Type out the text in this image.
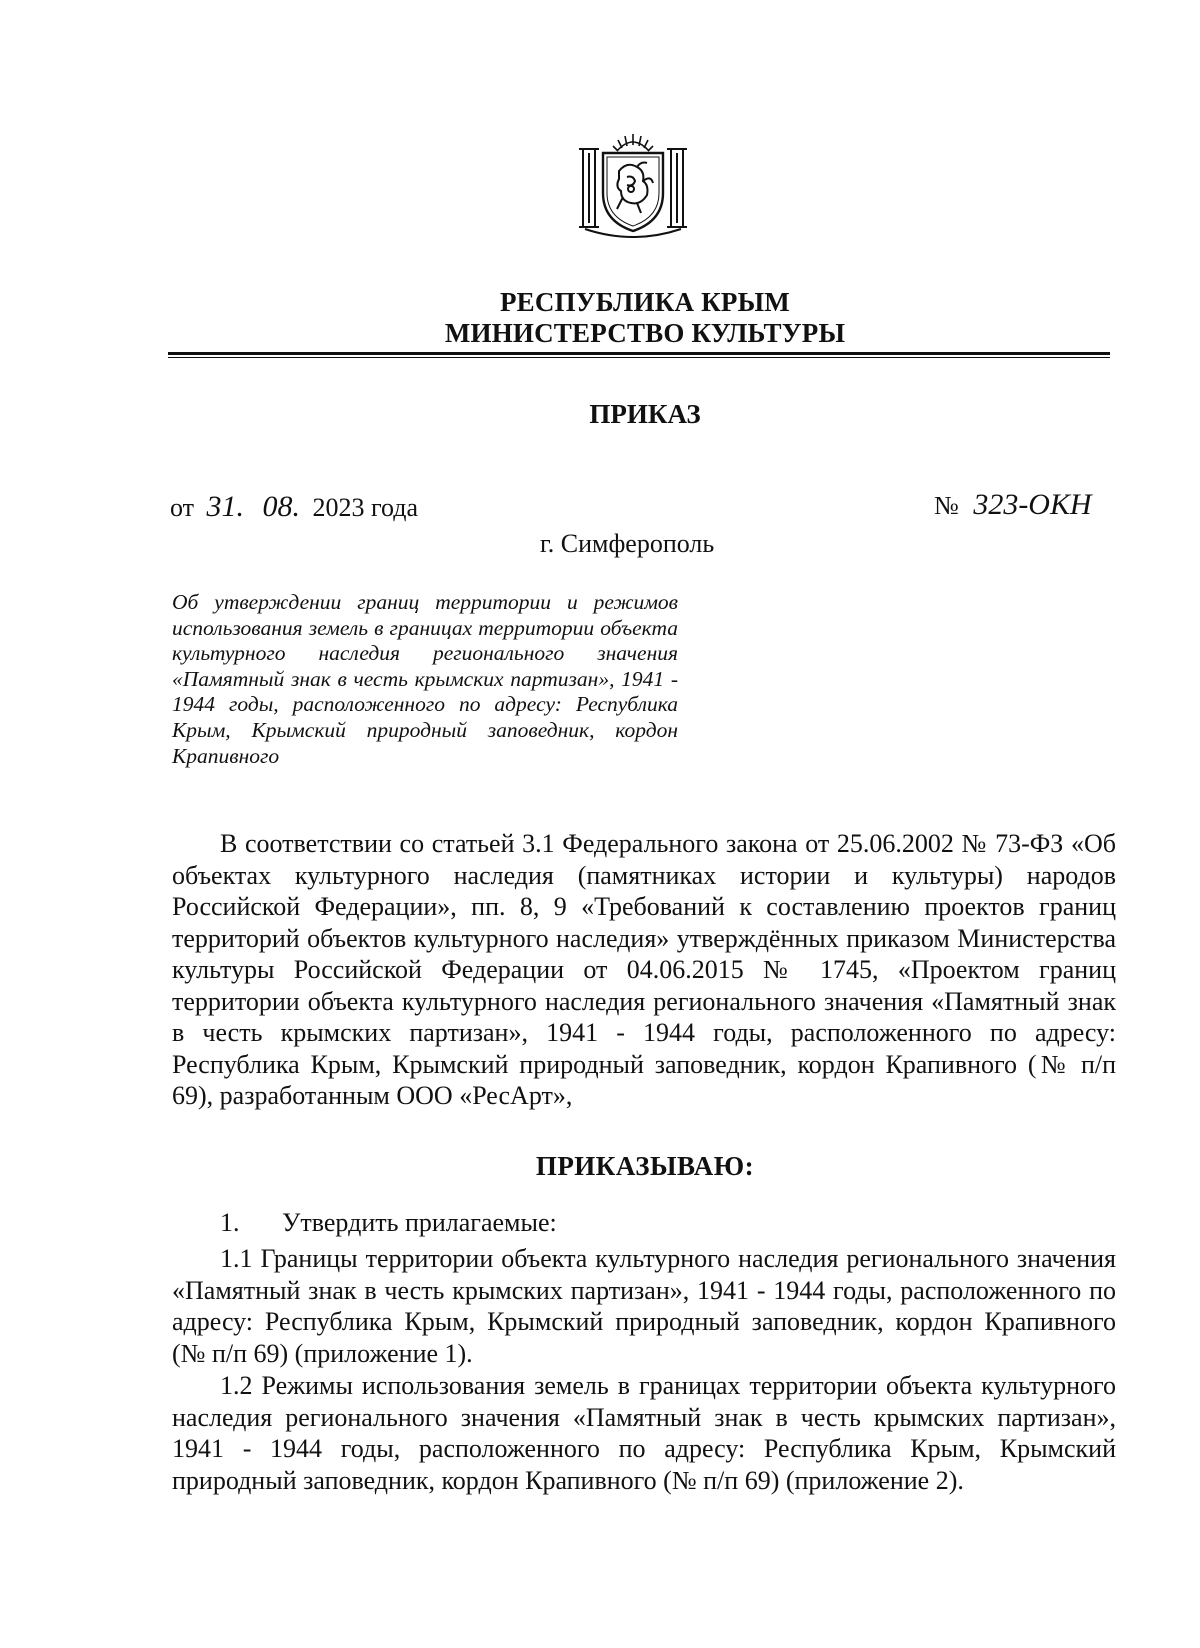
РЕСПУБЛИКА КРЫМ
МИНИСТЕРСТВО КУЛЬТУРЫ
ПРИКАЗ
от 31. 08. 2023 года	№ 323-ОКН
г. Симферополь
Об утверждении границ территории и режимов использования земель в границах территории объекта культурного наследия регионального значения «Памятный знак в честь крымских партизан», 1941 - 1944 годы, расположенного по адресу: Республика Крым, Крымский природный заповедник, кордон Крапивного
В соответствии со статьей 3.1 Федерального закона от 25.06.2002 № 73-ФЗ «Об объектах культурного наследия (памятниках истории и культуры) народов Российской Федерации», пп. 8, 9 «Требований к составлению проектов границ территорий объектов культурного наследия» утверждённых приказом Министерства культуры Российской Федерации от 04.06.2015 № 1745, «Проектом границ территории объекта культурного наследия регионального значения «Памятный знак в честь крымских партизан», 1941 - 1944 годы, расположенного по адресу: Республика Крым, Крымский природный заповедник, кордон Крапивного (№ п/п 69), разработанным ООО «РесАрт»,
ПРИКАЗЫВАЮ:
1. Утвердить прилагаемые:
1.1 Границы территории объекта культурного наследия регионального значения «Памятный знак в честь крымских партизан», 1941 - 1944 годы, расположенного по адресу: Республика Крым, Крымский природный заповедник, кордон Крапивного (№ п/п 69) (приложение 1).
1.2 Режимы использования земель в границах территории объекта культурного наследия регионального значения «Памятный знак в честь крымских партизан», 1941 - 1944 годы, расположенного по адресу: Республика Крым, Крымский природный заповедник, кордон Крапивного (№ п/п 69) (приложение 2).
